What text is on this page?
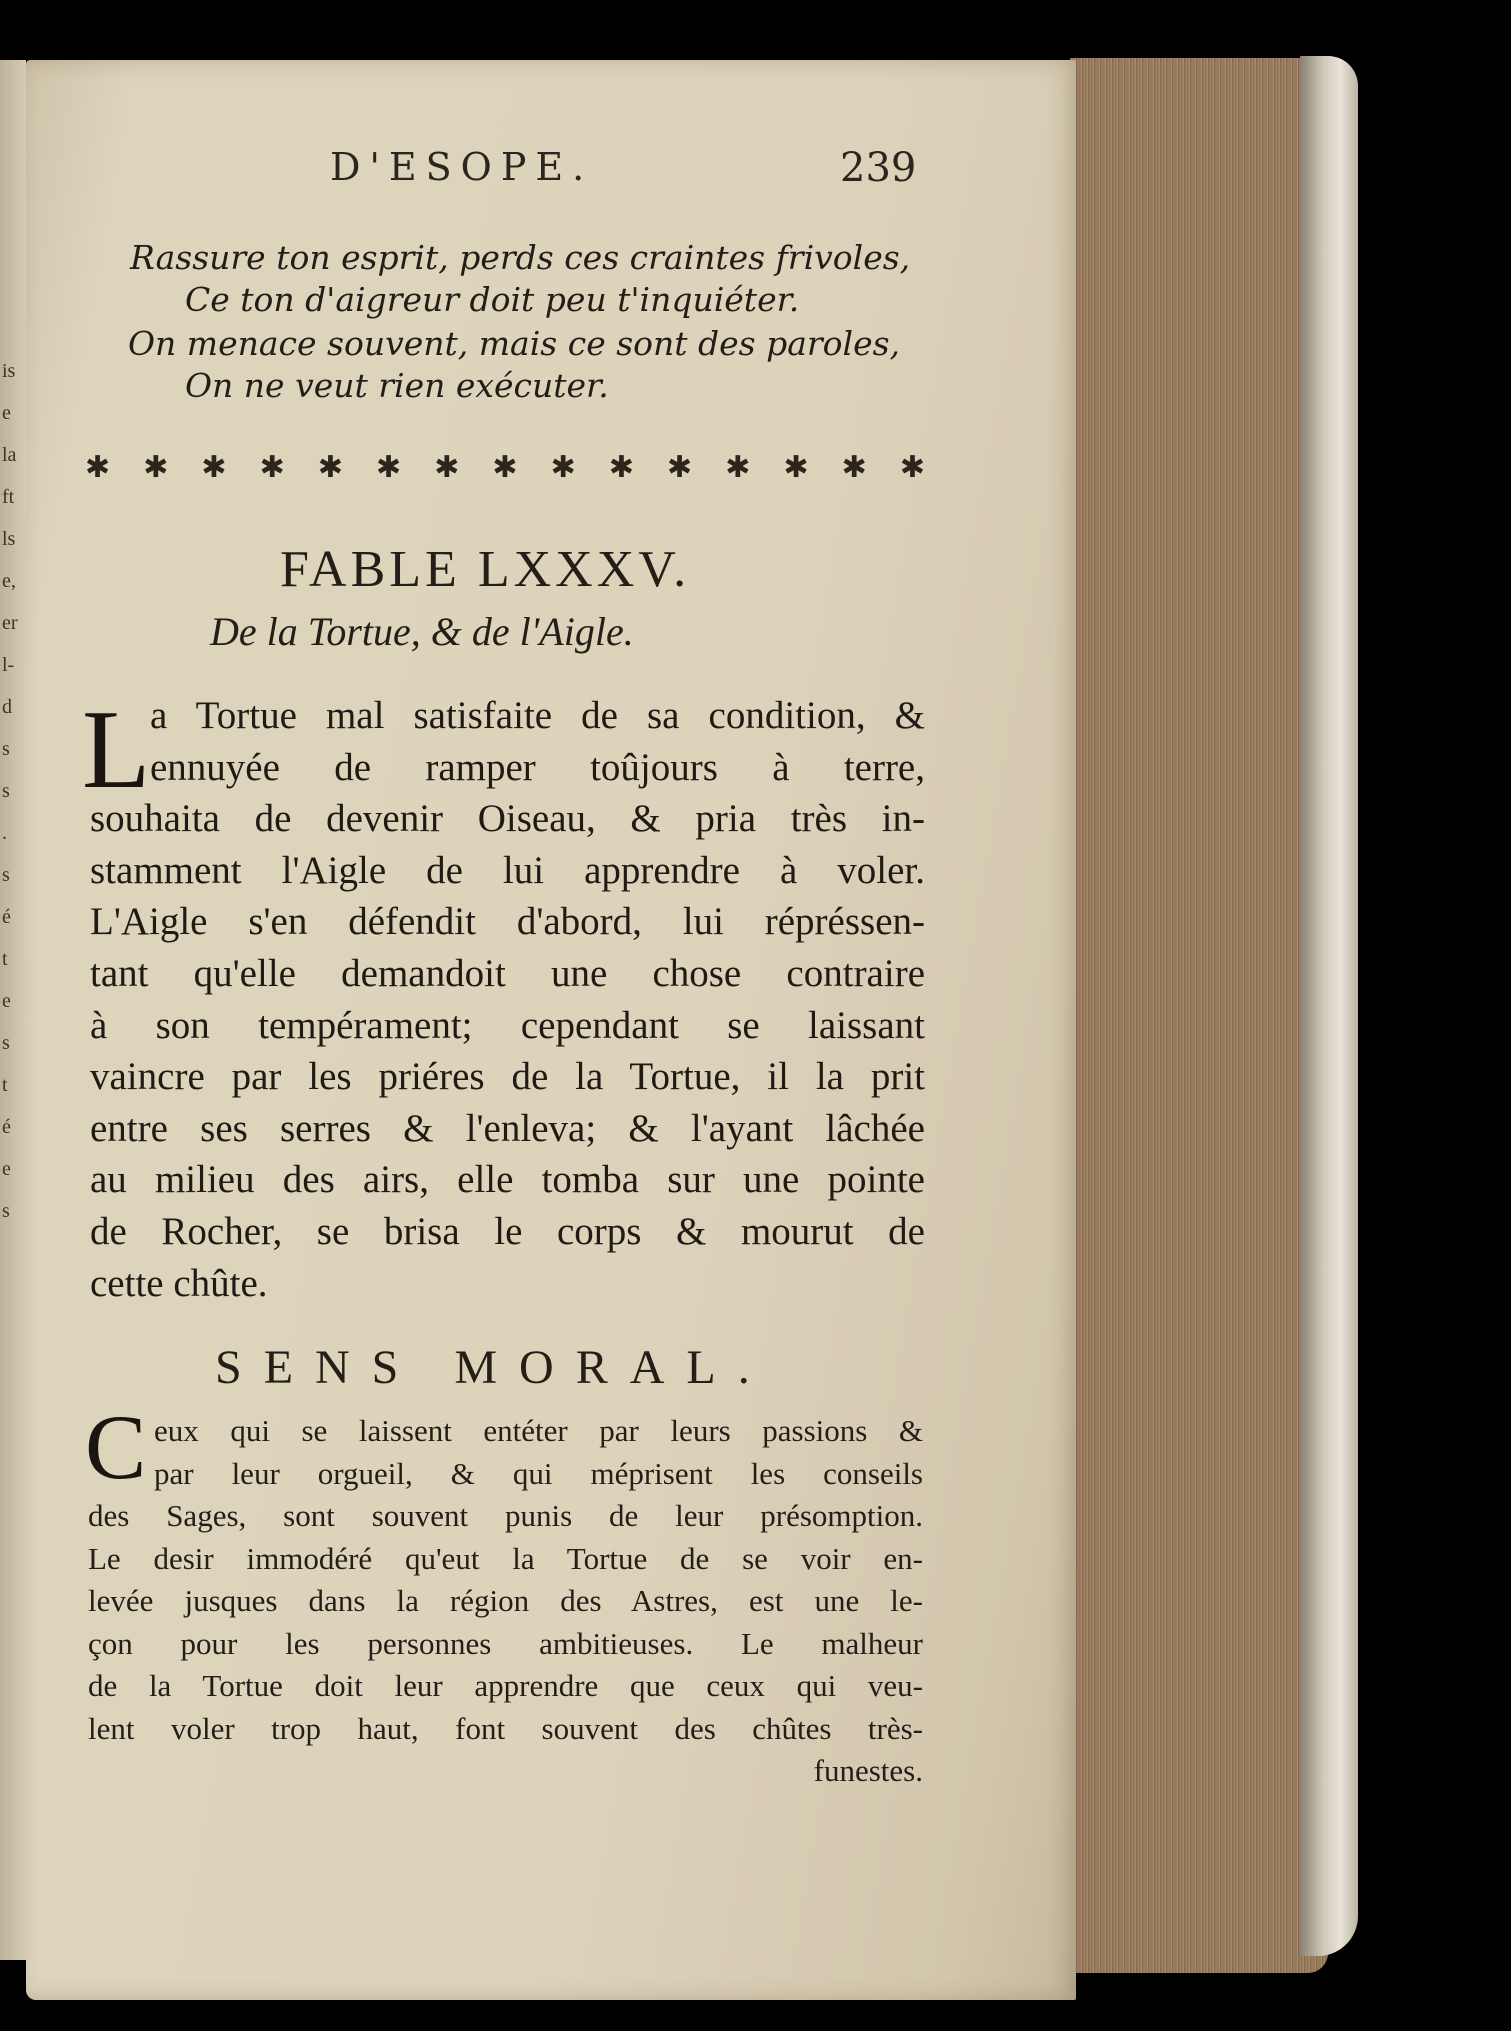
is
e
la
ft
ls
e,
er
l-
d
s
s
.
s
é
t
e
s
t
é
e
s
D'ESOPE.	239
Rassure ton esprit, perds ces craintes frivoles,
Ce ton d'aigreur doit peu t'inquiéter.
On menace souvent, mais ce sont des paroles,
On ne veut rien exécuter.
✱ ✱ ✱ ✱ ✱ ✱ ✱ ✱ ✱ ✱ ✱ ✱ ✱ ✱ ✱
FABLE LXXXV.
De la Tortue, & de l'Aigle.
L a Tortue mal satisfaite de sa condition, &
ennuyée de ramper toûjours à terre,
souhaita de devenir Oiseau, & pria très in-
stamment l'Aigle de lui apprendre à voler.
L'Aigle s'en défendit d'abord, lui répréssen-
tant qu'elle demandoit une chose contraire
à son tempérament; cependant se laissant
vaincre par les priéres de la Tortue, il la prit
entre ses serres & l'enleva; & l'ayant lâchée
au milieu des airs, elle tomba sur une pointe
de Rocher, se brisa le corps & mourut de
cette chûte.
SENS MORAL.
C eux qui se laissent entéter par leurs passions &
par leur orgueil, & qui méprisent les conseils
des Sages, sont souvent punis de leur présomption.
Le desir immodéré qu'eut la Tortue de se voir en-
levée jusques dans la région des Astres, est une le-
çon pour les personnes ambitieuses. Le malheur
de la Tortue doit leur apprendre que ceux qui veu-
lent voler trop haut, font souvent des chûtes très-
funestes.
